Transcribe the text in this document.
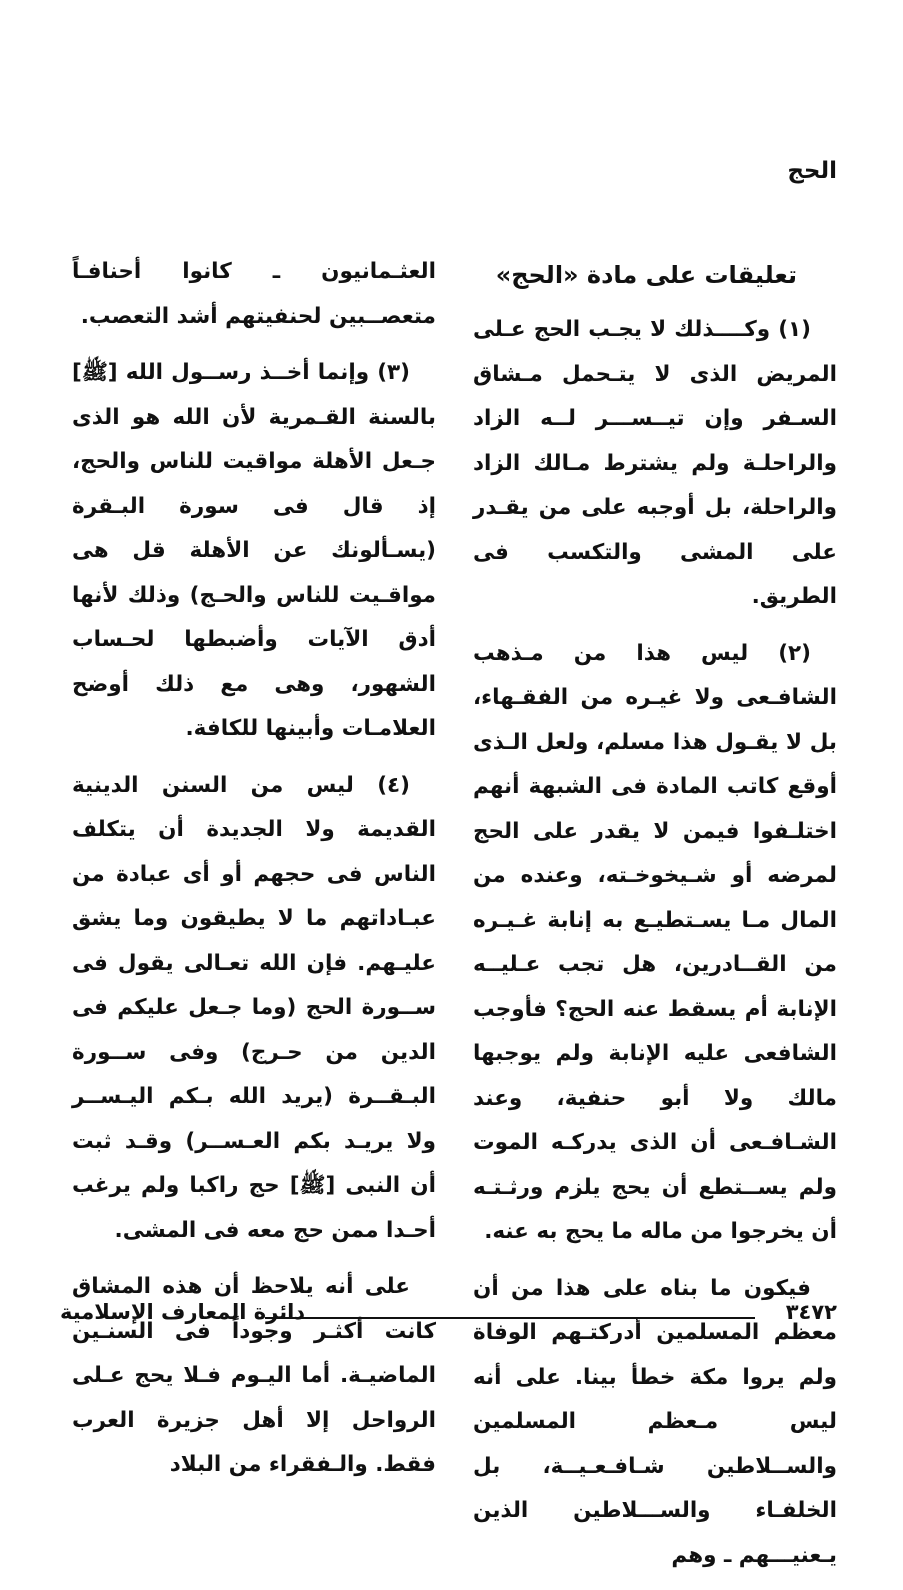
الحج
تعليقات على مادة «الحج»

(١) وكــــذلك لا يجـب الحج عـلى المريض الذى لا يتـحمل مـشاق السـفر وإن تيــســـر لــه الزاد والراحلـة ولم يشترط مـالك الزاد والراحلة، بل أوجبه على من يقـدر على المشى والتكسب فى الطريق.

(٢) ليس هذا من مـذهب الشافـعى ولا غيـره من الفقـهاء، بل لا يقـول هذا مسلم، ولعل الـذى أوقع كاتب المادة فى الشبهة أنهم اختلـفوا فيمن لا يقدر على الحج لمرضه أو شـيخوخـته، وعنده من المال مـا يسـتطيـع به إنابة غـيـره من القــادرين، هل تجب عـليــه الإنابة أم يسقط عنه الحج؟ فأوجب الشافعى عليه الإنابة ولم يوجبها مالك ولا أبو حنفية، وعند الشـافـعى أن الذى يدركـه الموت ولم يســتطع أن يحج يلزم ورثـتـه أن يخرجوا من ماله ما يحج به عنه.

فيكون ما بناه على هذا من أن معظم المسلمين أدركتـهم الوفاة ولم يروا مكة خطأ بينا. على أنه ليس مـعظم المسلمين والســلاطين شـافـعـيــة، بل الخلفـاء والســـلاطين الذين يـعنيـــهم ـ وهم

العثـمانيون ـ كانوا أحنافـاً متعصــبين لحنفيتهم أشد التعصب.

(٣) وإنما أخــذ رســول الله [ﷺ] بالسنة القـمرية لأن الله هو الذى جـعل الأهلة مواقيت للناس والحج، إذ قال فى سورة البـقرة (يسـألونك عن الأهلة قل هى مواقـيت للناس والحـج) وذلك لأنها أدق الآيات وأضبطها لحـساب الشهور، وهى مع ذلك أوضح العلامـات وأبينها للكافة.

(٤) ليس من السنن الدينية القديمة ولا الجديدة أن يتكلف الناس فى حجهم أو أى عبادة من عبـاداتهم ما لا يطيقون وما يشق عليـهم. فإن الله تعـالى يقول فى ســورة الحج (وما جـعل عليكم فى الدين من حـرج) وفى ســورة البـقــرة (يريد الله بـكم اليـســر ولا يريـد بكم العـســر) وقـد ثبت أن النبى [ﷺ] حج راكبا ولم يرغب أحـدا ممن حج معه فى المشى.

على أنه يلاحظ أن هذه المشاق كانت أكثـر وجوداً فى السنـين الماضيـة. أما اليـوم فـلا يحج عـلى الرواحل إلا أهل جزيرة العرب فقط. والـفقراء من البلاد

٣٤٧٢
دائرة المعارف الإسلامية
